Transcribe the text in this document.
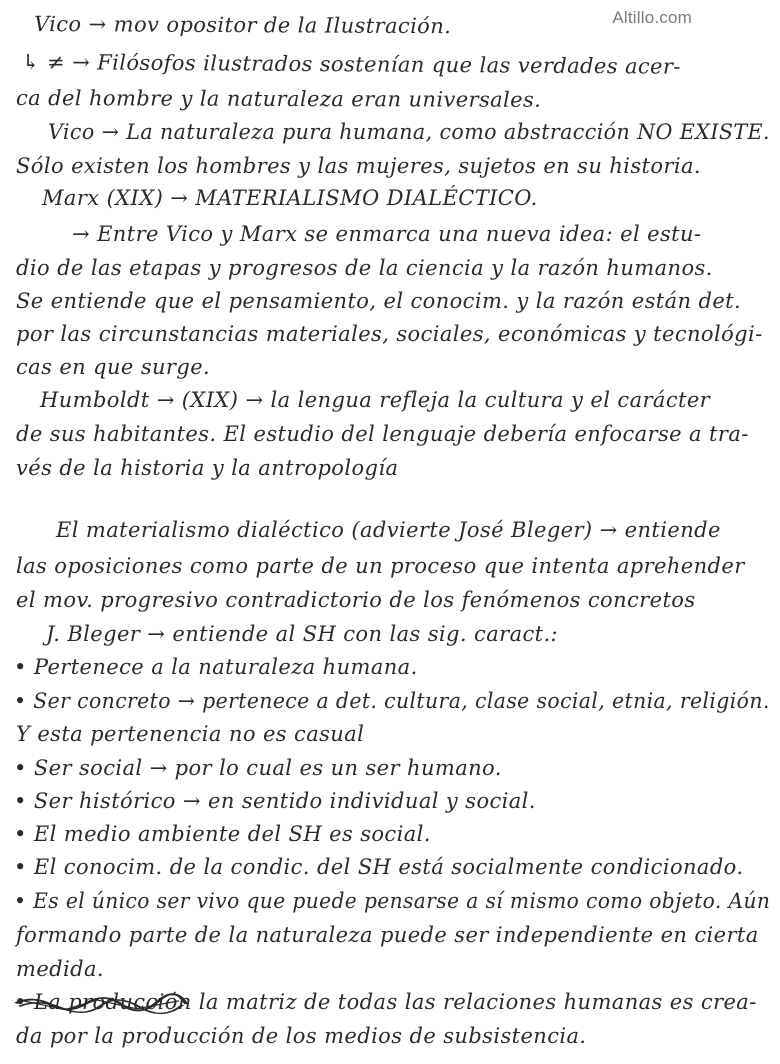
Altillo.com
Vico → mov opositor de la Ilustración.
↳ ≠ → Filósofos ilustrados sostenían que las verdades acer-
ca del hombre y la naturaleza eran universales.
Vico → La naturaleza pura humana, como abstracción NO EXISTE.
Sólo existen los hombres y las mujeres, sujetos en su historia.
Marx (XIX) → MATERIALISMO DIALÉCTICO.
→ Entre Vico y Marx se enmarca una nueva idea: el estu-
dio de las etapas y progresos de la ciencia y la razón humanos.
Se entiende que el pensamiento, el conocim. y la razón están det.
por las circunstancias materiales, sociales, económicas y tecnológi-
cas en que surge.
Humboldt → (XIX) → la lengua refleja la cultura y el carácter
de sus habitantes. El estudio del lenguaje debería enfocarse a tra-
vés de la historia y la antropología
El materialismo dialéctico (advierte José Bleger) → entiende
las oposiciones como parte de un proceso que intenta aprehender
el mov. progresivo contradictorio de los fenómenos concretos
J. Bleger → entiende al SH con las sig. caract.:
• Pertenece a la naturaleza humana.
• Ser concreto → pertenece a det. cultura, clase social, etnia, religión.
Y esta pertenencia no es casual
• Ser social → por lo cual es un ser humano.
• Ser histórico → en sentido individual y social.
• El medio ambiente del SH es social.
• El conocim. de la condic. del SH está socialmente condicionado.
• Es el único ser vivo que puede pensarse a sí mismo como objeto. Aún
formando parte de la naturaleza puede ser independiente en cierta
medida.
• La producción la matriz de todas las relaciones humanas es crea-
da por la producción de los medios de subsistencia.
